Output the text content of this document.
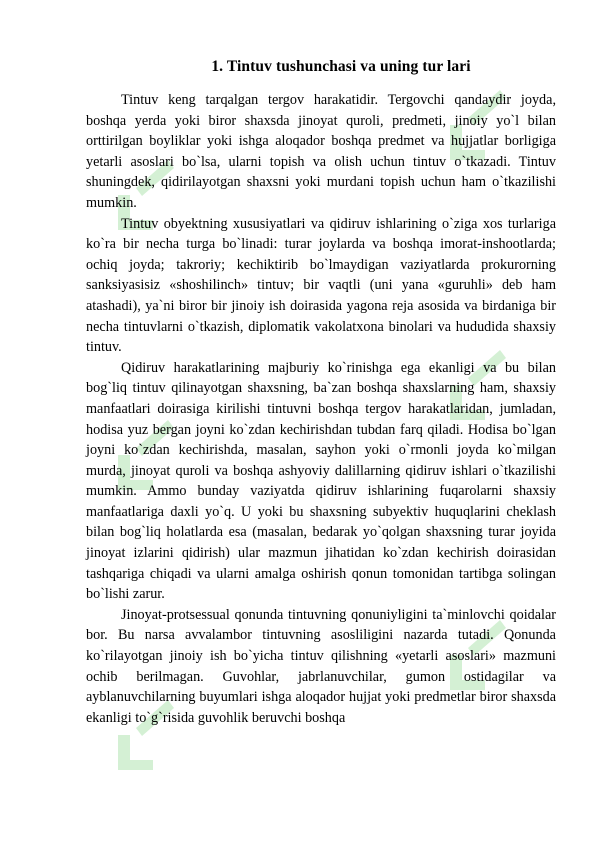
1. Tintuv tushunchasi va uning tur lari

Tintuv keng tarqalgan tergov harakatidir. Tergovchi qandaydir joyda, boshqa yerda yoki biror shaxsda jinoyat quroli, predmeti, jinoiy yo`l bilan orttirilgan boyliklar yoki ishga aloqador boshqa predmet va hujjatlar borligiga yetarli asoslari bo`lsa, ularni topish va olish uchun tintuv o`tkazadi. Tintuv shuningdek, qidirilayotgan shaxsni yoki murdani topish uchun ham o`tkazilishi mumkin.

Tintuv obyektning xususiyatlari va qidiruv ishlarining o`ziga xos turlariga ko`ra bir necha turga bo`linadi: turar joylarda va boshqa imorat-inshootlarda; ochiq joyda; takroriy; kechiktirib bo`lmaydigan vaziyatlarda prokurorning sanksiyasisiz «shoshilinch» tintuv; bir vaqtli (uni yana «guruhli» deb ham atashadi), ya`ni biror bir jinoiy ish doirasida yagona reja asosida va birdaniga bir necha tintuvlarni o`tkazish, diplomatik vakolatxona binolari va hududida shaxsiy tintuv.

Qidiruv harakatlarining majburiy ko`rinishga ega ekanligi va bu bilan bog`liq tintuv qilinayotgan shaxsning, ba`zan boshqa shaxslarning ham, shaxsiy manfaatlari doirasiga kirilishi tintuvni boshqa tergov harakatlaridan, jumladan, hodisa yuz bergan joyni ko`zdan kechirishdan tubdan farq qiladi. Hodisa bo`lgan joyni ko`zdan kechirishda, masalan, sayhon yoki o`rmonli joyda ko`milgan murda, jinoyat quroli va boshqa ashyoviy dalillarning qidiruv ishlari o`tkazilishi mumkin. Ammo bunday vaziyatda qidiruv ishlarining fuqarolarni shaxsiy manfaatlariga daxli yo`q. U yoki bu shaxsning subyektiv huquqlarini cheklash bilan bog`liq holatlarda esa (masalan, bedarak yo`qolgan shaxsning turar joyida jinoyat izlarini qidirish) ular mazmun jihatidan ko`zdan kechirish doirasidan tashqariga chiqadi va ularni amalga oshirish qonun tomonidan tartibga solingan bo`lishi zarur.

Jinoyat-protsessual qonunda tintuvning qonuniyligini ta`minlovchi qoidalar bor. Bu narsa avvalambor tintuvning asosliligini nazarda tutadi. Qonunda ko`rilayotgan jinoiy ish bo`yicha tintuv qilishning «yetarli asoslari» mazmuni ochib berilmagan. Guvohlar, jabrlanuvchilar, gumon ostidagilar va ayblanuvchilarning buyumlari ishga aloqador hujjat yoki predmetlar biror shaxsda ekanligi to`g`risida guvohlik beruvchi boshqa
